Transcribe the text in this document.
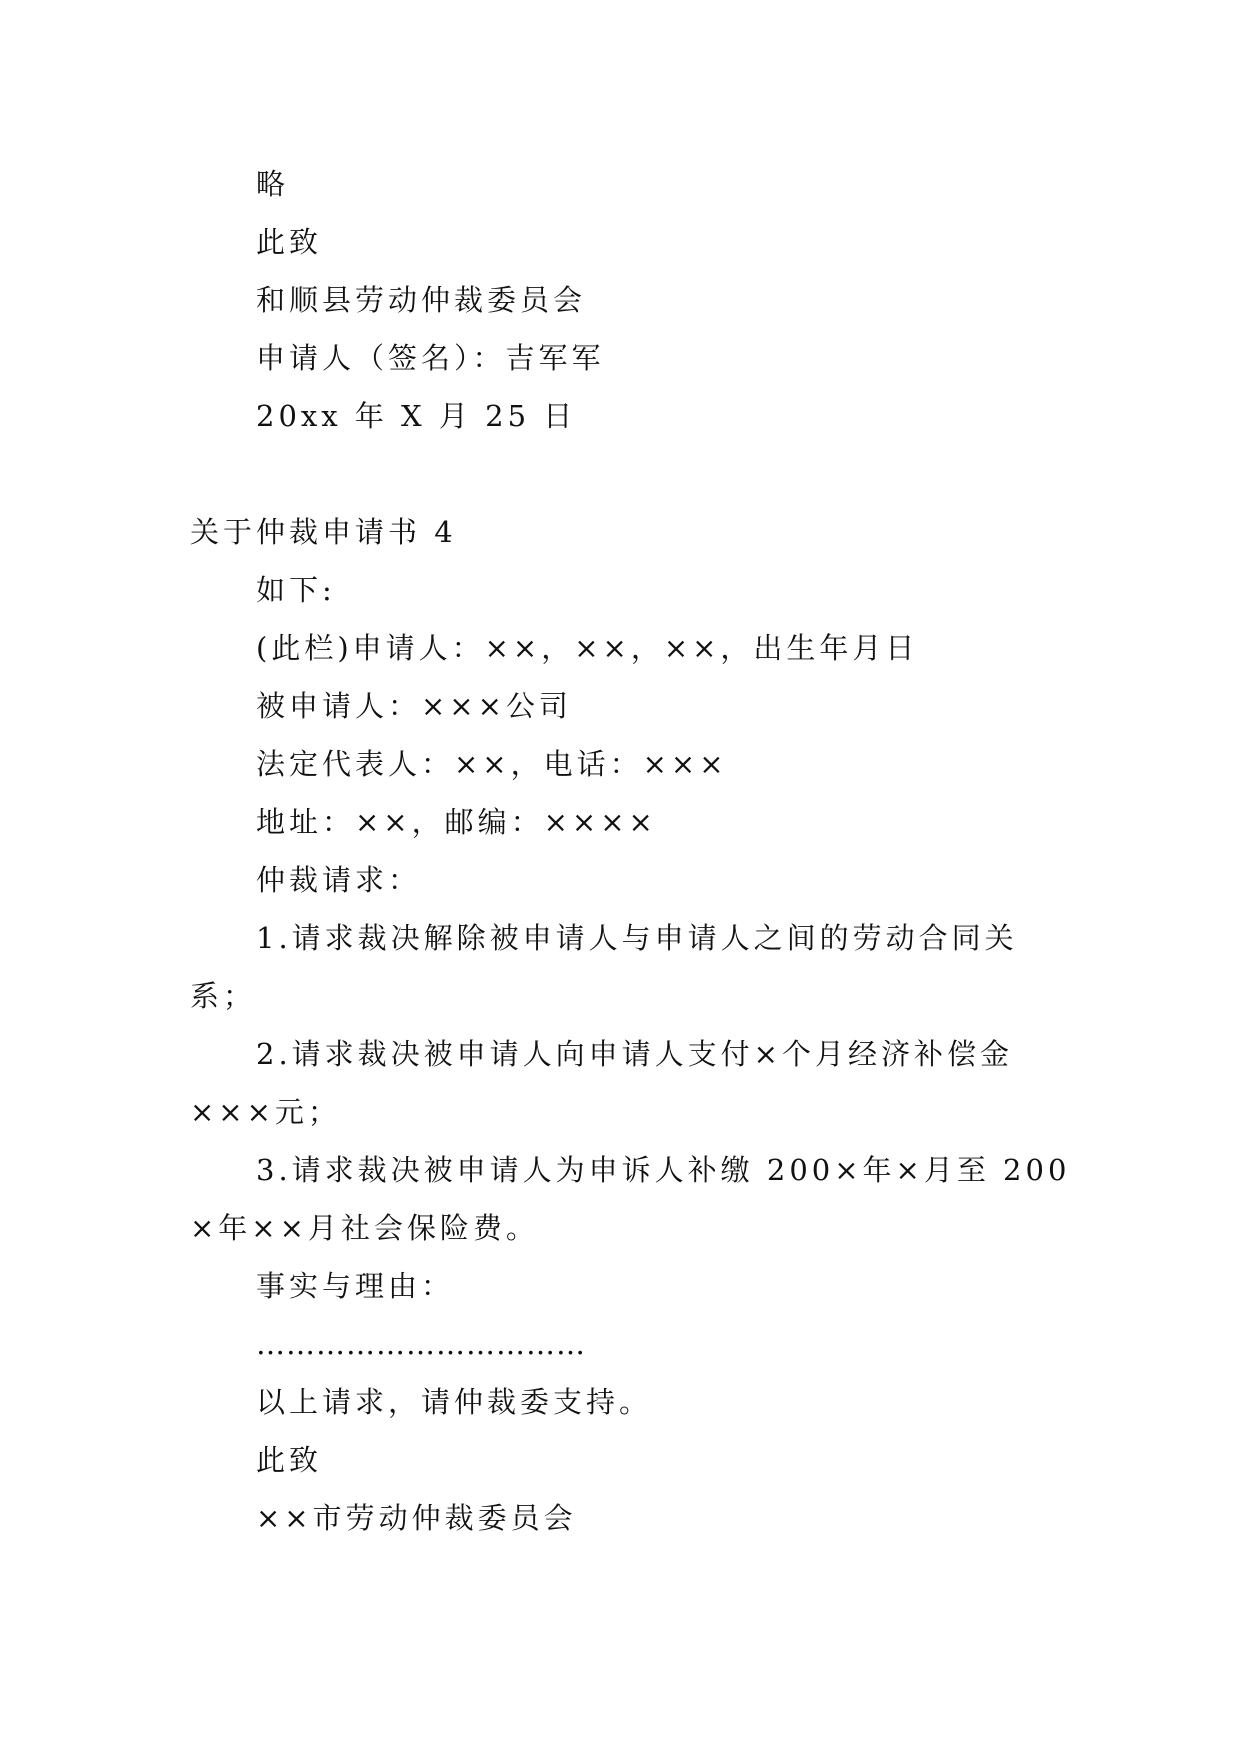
略
此致
和顺县劳动仲裁委员会
申请人（签名）：吉军军
20xx 年 X 月 25 日
关于仲裁申请书 4
如下:
(此栏)申请人：××，××，××，出生年月日
被申请人：×××公司
法定代表人：××，电话：×××
地址：××，邮编：××××
仲裁请求：
1.请求裁决解除被申请人与申请人之间的劳动合同关
系；
2.请求裁决被申请人向申请人支付×个月经济补偿金
×××元；
3.请求裁决被申请人为申诉人补缴 200×年×月至 200
×年××月社会保险费。
事实与理由：
……………………………
以上请求，请仲裁委支持。
此致
××市劳动仲裁委员会
